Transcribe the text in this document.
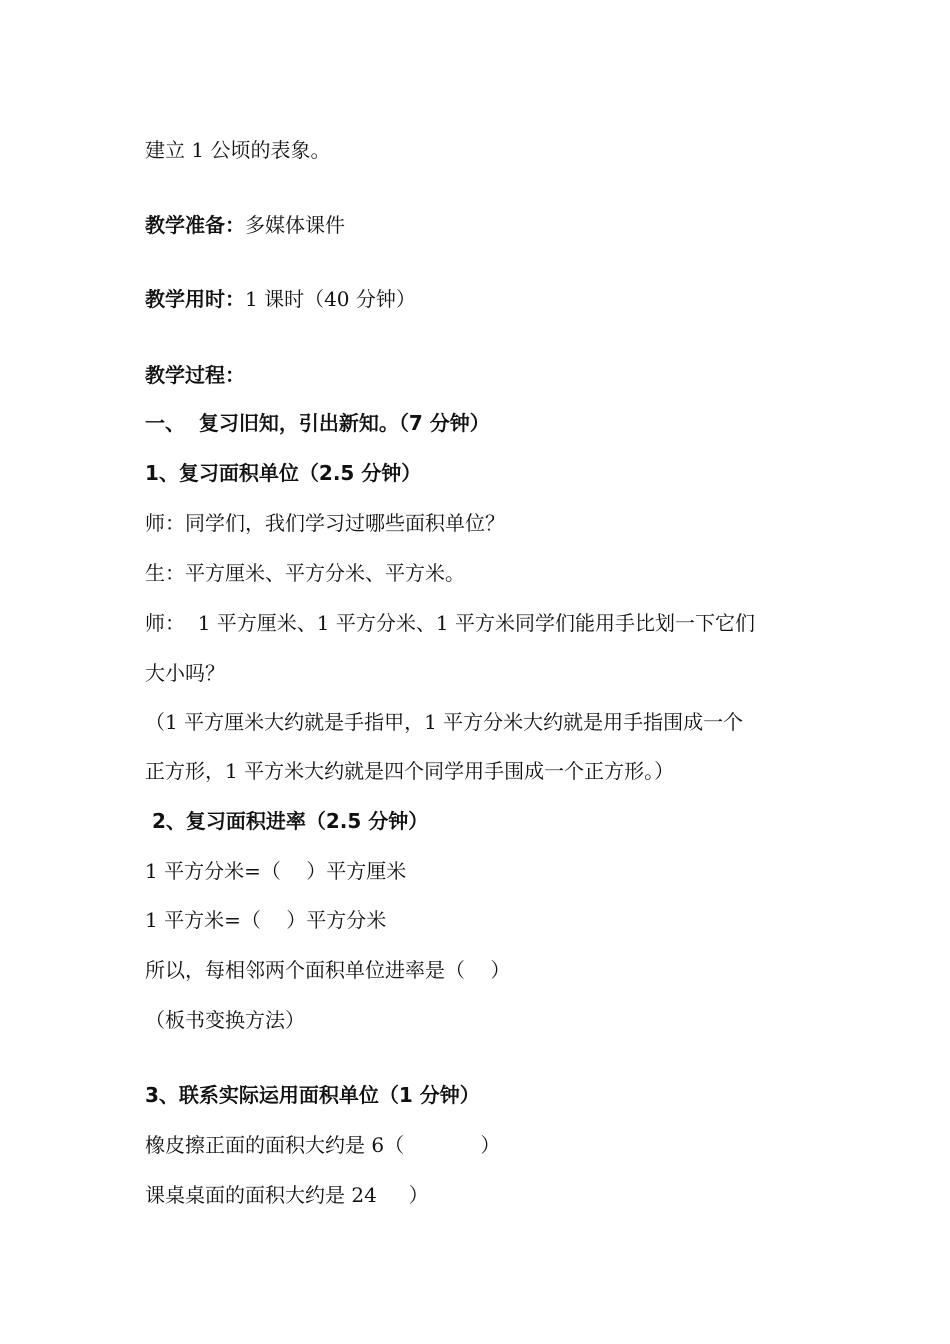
建立 1 公顷的表象。
教学准备：多媒体课件
教学用时：1 课时（40 分钟）
教学过程：
一、  复习旧知，引出新知。（7 分钟）
1、复习面积单位（2.5 分钟）
师：同学们，我们学习过哪些面积单位？
生：平方厘米、平方分米、平方米。
师：  1 平方厘米、1 平方分米、1 平方米同学们能用手比划一下它们
大小吗？
（1 平方厘米大约就是手指甲，1 平方分米大约就是用手指围成一个
正方形，1 平方米大约就是四个同学用手围成一个正方形。）
2、复习面积进率（2.5 分钟）
1 平方分米=（    ）平方厘米
1 平方米=（    ）平方分米
所以，每相邻两个面积单位进率是（    ）
（板书变换方法）
3、联系实际运用面积单位（1 分钟）
橡皮擦正面的面积大约是 6（            ）
课桌桌面的面积大约是 24     ）
